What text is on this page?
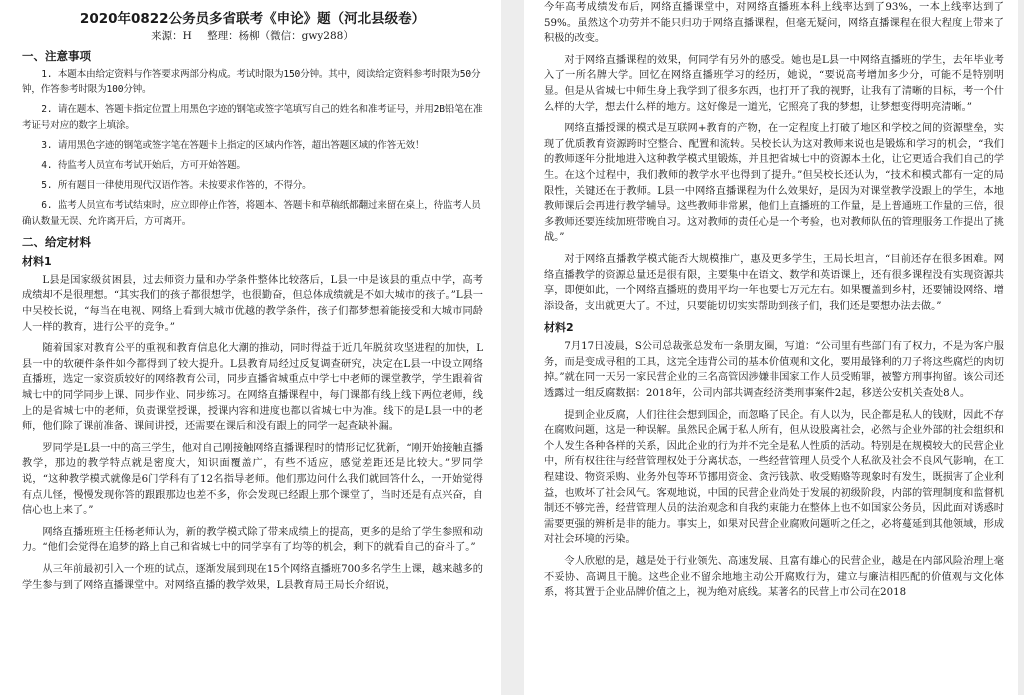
2020年0822公务员多省联考《申论》题（河北县级卷）
来源：H 整理：杨柳（微信：gwy288）
一、注意事项

1. 本题本由给定资料与作答要求两部分构成。考试时限为150分钟。其中，阅读给定资料参考时限为50分钟，作答参考时限为100分钟。

2. 请在题本、答题卡指定位置上用黑色字迹的钢笔或签字笔填写自己的姓名和准考证号，并用2B铅笔在准考证号对应的数字上填涂。

3. 请用黑色字迹的钢笔或签字笔在答题卡上指定的区域内作答，超出答题区域的作答无效！

4. 待监考人员宣布考试开始后，方可开始答题。

5. 所有题目一律使用现代汉语作答。未按要求作答的，不得分。

6. 监考人员宣布考试结束时，应立即停止作答，将题本、答题卡和草稿纸都翻过来留在桌上，待监考人员确认数量无误、允许离开后，方可离开。

二、给定材料
材料1

L县是国家级贫困县，过去师资力量和办学条件整体比较落后，L县一中是该县的重点中学，高考成绩却不是很理想。“其实我们的孩子都很想学，也很勤奋，但总体成绩就是不如大城市的孩子。”L县一中吴校长说，“每当在电视、网络上看到大城市优越的教学条件，孩子们都梦想着能接受和大城市同龄人一样的教育，进行公平的竞争。”

随着国家对教育公平的重视和教育信息化大潮的推动，同时得益于近几年脱贫攻坚进程的加快，L县一中的软硬件条件如今都得到了较大提升。L县教育局经过反复调查研究，决定在L县一中设立网络直播班，选定一家资质较好的网络教育公司，同步直播省城重点中学七中老师的课堂教学，学生跟着省城七中的同学同步上课、同步作业、同步练习。在网络直播课程中，每门课都有线上线下两位老师，线上的是省城七中的老师，负责课堂授课，授课内容和进度也都以省城七中为准。线下的是L县一中的老师，他们除了课前准备、课间讲授，还需要在课后和没有跟上的同学一起查缺补漏。

罗同学是L县一中的高三学生，他对自己刚接触网络直播课程时的情形记忆犹新，“刚开始接触直播教学，那边的教学特点就是密度大，知识面覆盖广，有些不适应，感觉差距还是比较大。”罗同学说，“这种教学模式就像是6门学科有了12名指导老师。他们那边问什么我们就回答什么，一开始觉得有点儿怪，慢慢发现你答的跟跟那边也差不多，你会发现已经跟上那个课堂了，当时还是有点兴奋，自信心也上来了。”

网络直播班班主任杨老师认为，新的教学模式除了带来成绩上的提高，更多的是给了学生参照和动力。“他们会觉得在追梦的路上自己和省城七中的同学享有了均等的机会，剩下的就看自己的奋斗了。”

从三年前最初引入一个班的试点，逐渐发展到现在15个网络直播班700多名学生上课，越来越多的学生参与到了网络直播课堂中。对网络直播的教学效果，L县教育局王局长介绍说，

今年高考成绩发布后，网络直播课堂中，对网络直播班本科上线率达到了93%，一本上线率达到了59%。虽然这个功劳并不能只归功于网络直播课程，但毫无疑问，网络直播课程在很大程度上带来了积极的改变。

对于网络直播课程的效果，何同学有另外的感受。她也是L县一中网络直播班的学生，去年毕业考入了一所名牌大学。回忆在网络直播班学习的经历，她说，“要说高考增加多少分，可能不是特别明显。但是从省城七中师生身上我学到了很多东西，也打开了我的视野，让我有了清晰的目标，考一个什么样的大学，想去什么样的地方。这好像是一道光，它照亮了我的梦想，让梦想变得明亮清晰。”

网络直播授课的模式是互联网+教育的产物，在一定程度上打破了地区和学校之间的资源壁垒，实现了优质教育资源跨时空整合、配置和流转。吴校长认为这对教师来说也是锻炼和学习的机会，“我们的教师逐年分批地进入这种教学模式里锻炼，并且把省城七中的资源本土化，让它更适合我们自己的学生。在这个过程中，我们教师的教学水平也得到了提升。”但吴校长还认为，“技术和模式都有一定的局限性，关键还在于教师。L县一中网络直播课程为什么效果好，是因为对课堂教学没跟上的学生，本地教师课后会再进行教学辅导。这些教师非常累，他们上直播班的工作量，是上普通班工作量的三倍，很多教师还要连续加班带晚自习。这对教师的责任心是一个考验，也对教师队伍的管理服务工作提出了挑战。”

对于网络直播教学模式能否大规模推广，惠及更多学生，王局长坦言，“目前还存在很多困难。网络直播教学的资源总量还是很有限，主要集中在语文、数学和英语课上，还有很多课程没有实现资源共享，即便如此，一个网络直播班的费用平均一年也要七万元左右。如果覆盖到乡村，还要铺设网络、增添设备，支出就更大了。不过，只要能切切实实帮助到孩子们，我们还是要想办法去做。”

材料2

7月17日凌晨，S公司总裁张总发布一条朋友圈，写道：“公司里有些部门有了权力，不是为客户服务，而是变成寻租的工具，这完全违背公司的基本价值观和文化，要用最锋利的刀子将这些腐烂的肉切掉。”就在同一天另一家民营企业的三名高管因涉嫌非国家工作人员受贿罪，被警方刑事拘留。该公司还透露过一组反腐数据：2018年，公司内部共调查经济类刑事案件2起，移送公安机关查处8人。

提到企业反腐，人们往往会想到国企，而忽略了民企。有人以为，民企都是私人的钱财，因此不存在腐败问题，这是一种误解。虽然民企属于私人所有，但从设股离社会，必然与企业外部的社会组织和个人发生各种各样的关系，因此企业的行为并不完全是私人性质的活动。特别是在规模较大的民营企业中，所有权往往与经营管理权处于分离状态，一些经营管理人员受个人私欲及社会不良风气影响，在工程建设、物资采购、业务外包等环节挪用资金、贪污钱款、收受贿赂等现象时有发生，既损害了企业利益，也败坏了社会风气。客观地说，中国的民营企业尚处于发展的初级阶段，内部的管理制度和监督机制还不够完善，经营管理人员的法治观念和自我约束能力在整体上也不如国家公务员，因此面对诱惑时需要更强的辨析是非的能力。事实上，如果对民营企业腐败问题听之任之，必将蔓延到其他领域，形成对社会环境的污染。

令人欣慰的是，越是处于行业领先、高速发展、且富有雄心的民营企业，越是在内部风险治理上毫不妥协、高调且干脆。这些企业不留余地地主动公开腐败行为，建立与廉洁相匹配的价值观与文化体系，将其置于企业品牌价值之上，视为绝对底线。某著名的民营上市公司在2018
